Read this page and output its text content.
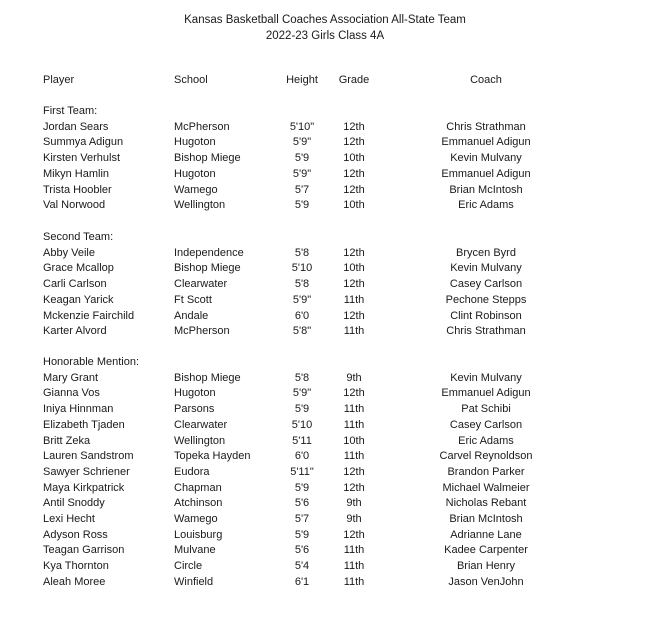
Kansas Basketball Coaches Association All-State Team
2022-23 Girls Class 4A
Player	School	Height	Grade	Coach
First Team:
Jordan Sears	McPherson	5'10"	12th	Chris Strathman
Summya Adigun	Hugoton	5'9"	12th	Emmanuel Adigun
Kirsten Verhulst	Bishop Miege	5'9	10th	Kevin Mulvany
Mikyn Hamlin	Hugoton	5'9"	12th	Emmanuel Adigun
Trista Hoobler	Wamego	5'7	12th	Brian McIntosh
Val Norwood	Wellington	5'9	10th	Eric Adams
Second Team:
Abby Veile	Independence	5'8	12th	Brycen Byrd
Grace Mcallop	Bishop Miege	5'10	10th	Kevin Mulvany
Carli Carlson	Clearwater	5'8	12th	Casey Carlson
Keagan Yarick	Ft Scott	5'9"	11th	Pechone Stepps
Mckenzie Fairchild	Andale	6'0	12th	Clint Robinson
Karter Alvord	McPherson	5'8"	11th	Chris Strathman
Honorable Mention:
Mary Grant	Bishop Miege	5'8	9th	Kevin Mulvany
Gianna Vos	Hugoton	5'9"	12th	Emmanuel Adigun
Iniya Hinnman	Parsons	5'9	11th	Pat Schibi
Elizabeth Tjaden	Clearwater	5'10	11th	Casey Carlson
Britt Zeka	Wellington	5'11	10th	Eric Adams
Lauren Sandstrom	Topeka Hayden	6'0	11th	Carvel Reynoldson
Sawyer Schriener	Eudora	5'11"	12th	Brandon Parker
Maya Kirkpatrick	Chapman	5'9	12th	Michael Walmeier
Antil Snoddy	Atchinson	5'6	9th	Nicholas Rebant
Lexi Hecht	Wamego	5'7	9th	Brian McIntosh
Adyson Ross	Louisburg	5'9	12th	Adrianne Lane
Teagan Garrison	Mulvane	5'6	11th	Kadee Carpenter
Kya Thornton	Circle	5'4	11th	Brian Henry
Aleah Moree	Winfield	6'1	11th	Jason VenJohn
